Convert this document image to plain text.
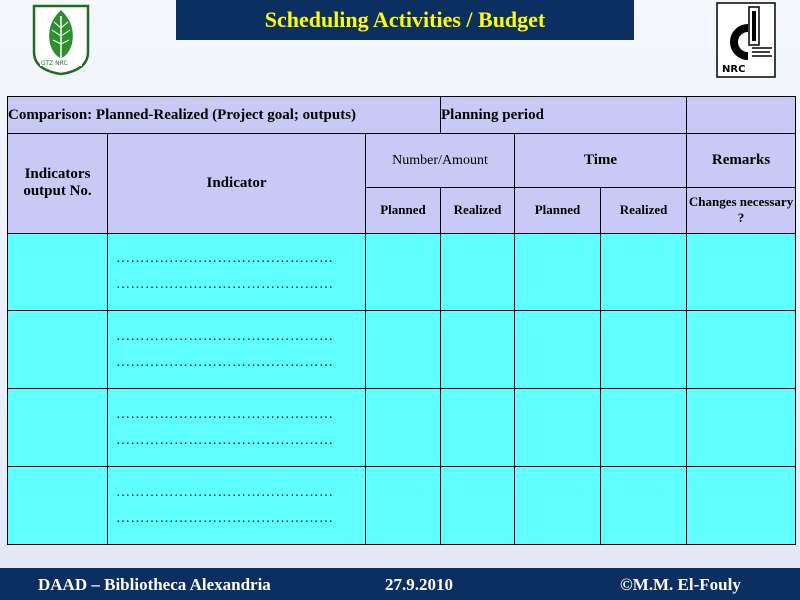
GTZ NRC
Scheduling Activities / Budget
NRC
Comparison: Planned-Realized (Project goal; outputs)			Planning period			
Indicators output No.	Indicator	Number/Amount		Time		Remarks
		Planned	Realized	Planned	Realized	Changes necessary ?

	………………………………………
………………………………………					

	………………………………………
………………………………………					

	………………………………………
………………………………………					

	………………………………………
………………………………………					

DAAD – Bibliotheca Alexandria	27.9.2010	©M.M. El-Fouly
